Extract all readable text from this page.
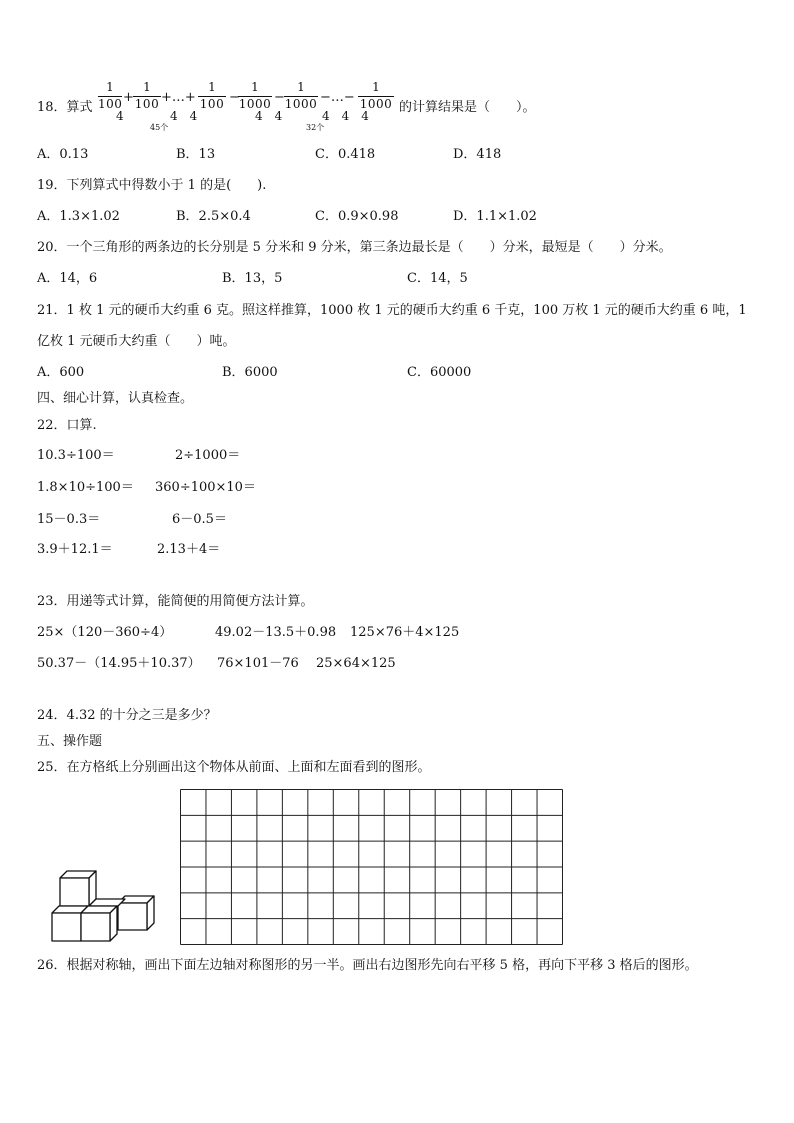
18．算式
1
100 +
1
100 +…+
1
100 −
1
1000 −
1
1000 −…−
1
1000
4	4　4	4　4	4　4　4
45个	32个
的计算结果是（　　）。
A．0.13	B．13	C．0.418	D．418
19．下列算式中得数小于 1 的是(　　).
A．1.3×1.02	B．2.5×0.4	C．0.9×0.98	D．1.1×1.02
20．一个三角形的两条边的长分别是 5 分米和 9 分米，第三条边最长是（　　）分米，最短是（　　）分米。
A．14，6	B．13，5	C．14，5
21．1 枚 1 元的硬币大约重 6 克。照这样推算，1000 枚 1 元的硬币大约重 6 千克，100 万枚 1 元的硬币大约重 6 吨，1
亿枚 1 元硬币大约重（　　）吨。
A．600	B．6000	C．60000
四、细心计算，认真检查。
22．口算.
10.3÷100＝	2÷1000＝
1.8×10÷100＝ 360÷100×10＝
15－0.3＝	6－0.5＝
3.9＋12.1＝	2.13＋4＝
23．用递等式计算，能简便的用简便方法计算。
25×（120－360÷4）	49.02－13.5＋0.98 125×76＋4×125
50.37－（14.95＋10.37） 76×101－76 25×64×125
24．4.32 的十分之三是多少？
五、操作题
25．在方格纸上分别画出这个物体从前面、上面和左面看到的图形。
26．根据对称轴，画出下面左边轴对称图形的另一半。画出右边图形先向右平移 5 格，再向下平移 3 格后的图形。
